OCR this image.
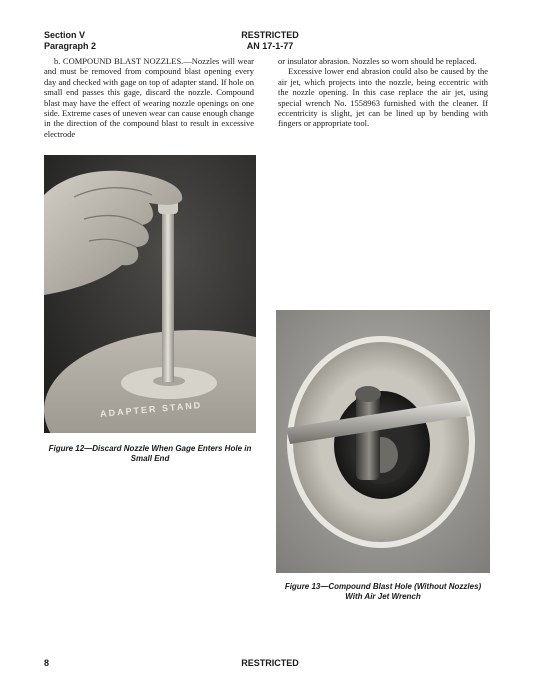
Section V
Paragraph 2
RESTRICTED
AN 17-1-77

b. COMPOUND BLAST NOZZLES.—Nozzles will wear and must be removed from compound blast opening every day and checked with gage on top of adapter stand. If hole on small end passes this gage, discard the nozzle. Compound blast may have the effect of wearing nozzle openings on one side. Extreme cases of uneven wear can cause enough change in the direction of the compound blast to result in excessive electrode

or insulator abrasion. Nozzles so worn should be replaced.

Excessive lower end abrasion could also be caused by the air jet, which projects into the nozzle, being eccentric with the nozzle opening. In this case replace the air jet, using special wrench No. 1558963 furnished with the cleaner. If eccentricity is slight, jet can be lined up by bending with fingers or appropriate tool.

ADAPTER STAND
Figure 12—Discard Nozzle When Gage Enters Hole in Small End
Figure 13—Compound Blast Hole (Without Nozzles) With Air Jet Wrench
8	RESTRICTED
